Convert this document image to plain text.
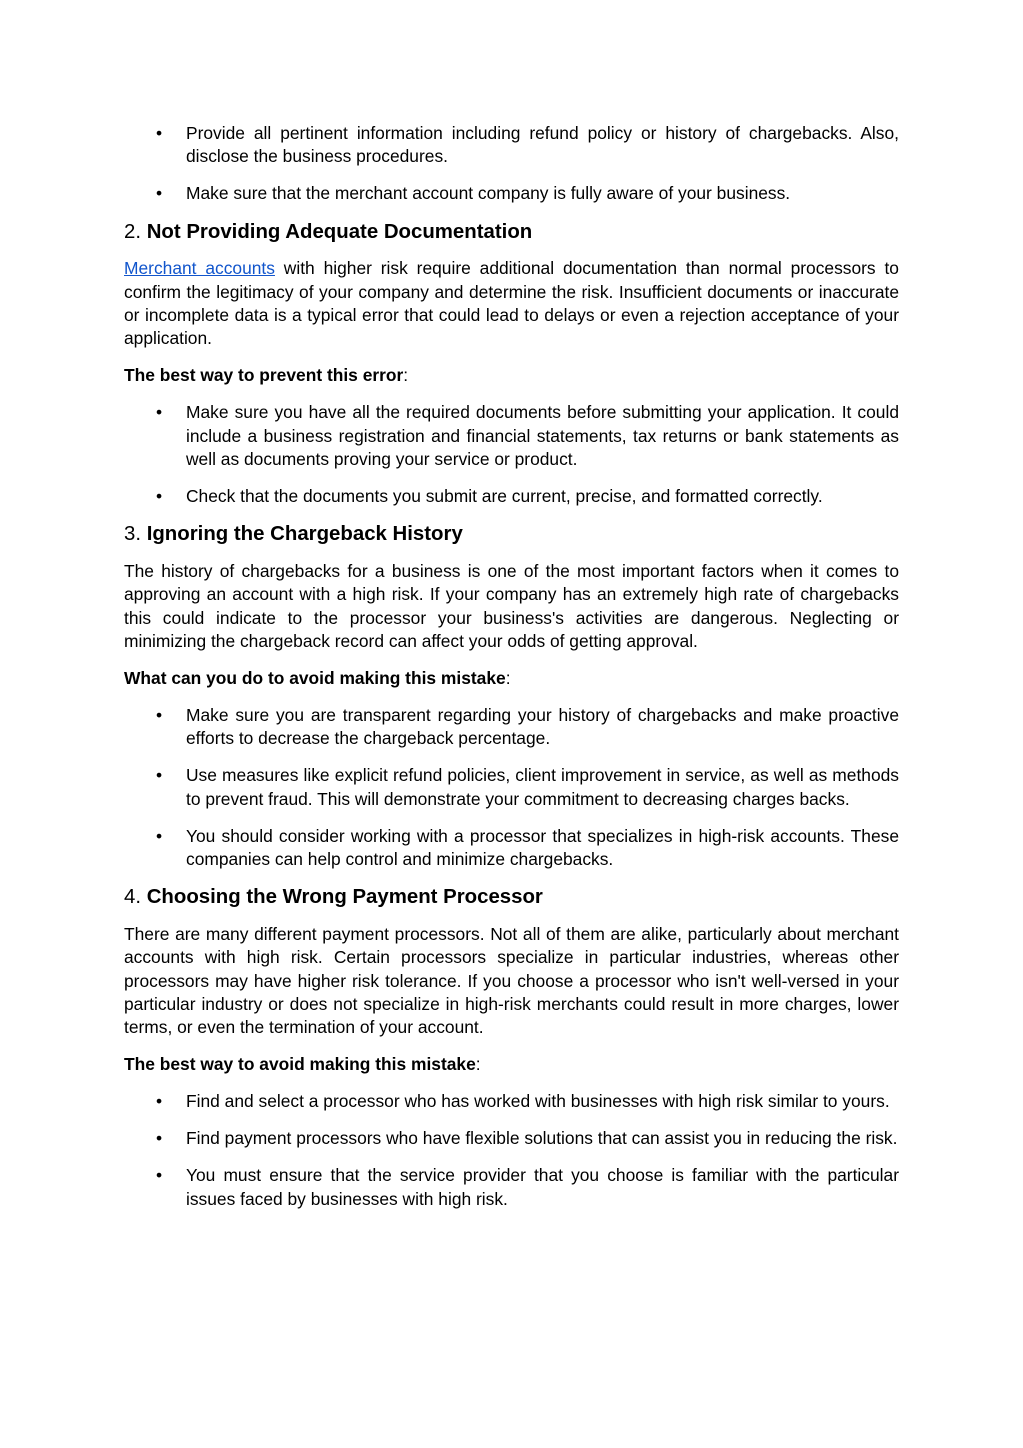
• Provide all pertinent information including refund policy or history of chargebacks. Also, disclose the business procedures.
• Make sure that the merchant account company is fully aware of your business.
2. Not Providing Adequate Documentation

Merchant accounts with higher risk require additional documentation than normal processors to confirm the legitimacy of your company and determine the risk. Insufficient documents or inaccurate or incomplete data is a typical error that could lead to delays or even a rejection acceptance of your application.

The best way to prevent this error:

• Make sure you have all the required documents before submitting your application. It could include a business registration and financial statements, tax returns or bank statements as well as documents proving your service or product.
• Check that the documents you submit are current, precise, and formatted correctly.
3. Ignoring the Chargeback History

The history of chargebacks for a business is one of the most important factors when it comes to approving an account with a high risk. If your company has an extremely high rate of chargebacks this could indicate to the processor your business's activities are dangerous. Neglecting or minimizing the chargeback record can affect your odds of getting approval.

What can you do to avoid making this mistake:

• Make sure you are transparent regarding your history of chargebacks and make proactive efforts to decrease the chargeback percentage.
• Use measures like explicit refund policies, client improvement in service, as well as methods to prevent fraud. This will demonstrate your commitment to decreasing charges backs.
• You should consider working with a processor that specializes in high-risk accounts. These companies can help control and minimize chargebacks.
4. Choosing the Wrong Payment Processor

There are many different payment processors. Not all of them are alike, particularly about merchant accounts with high risk. Certain processors specialize in particular industries, whereas other processors may have higher risk tolerance. If you choose a processor who isn't well-versed in your particular industry or does not specialize in high-risk merchants could result in more charges, lower terms, or even the termination of your account.

The best way to avoid making this mistake:

• Find and select a processor who has worked with businesses with high risk similar to yours.
• Find payment processors who have flexible solutions that can assist you in reducing the risk.
• You must ensure that the service provider that you choose is familiar with the particular issues faced by businesses with high risk.
